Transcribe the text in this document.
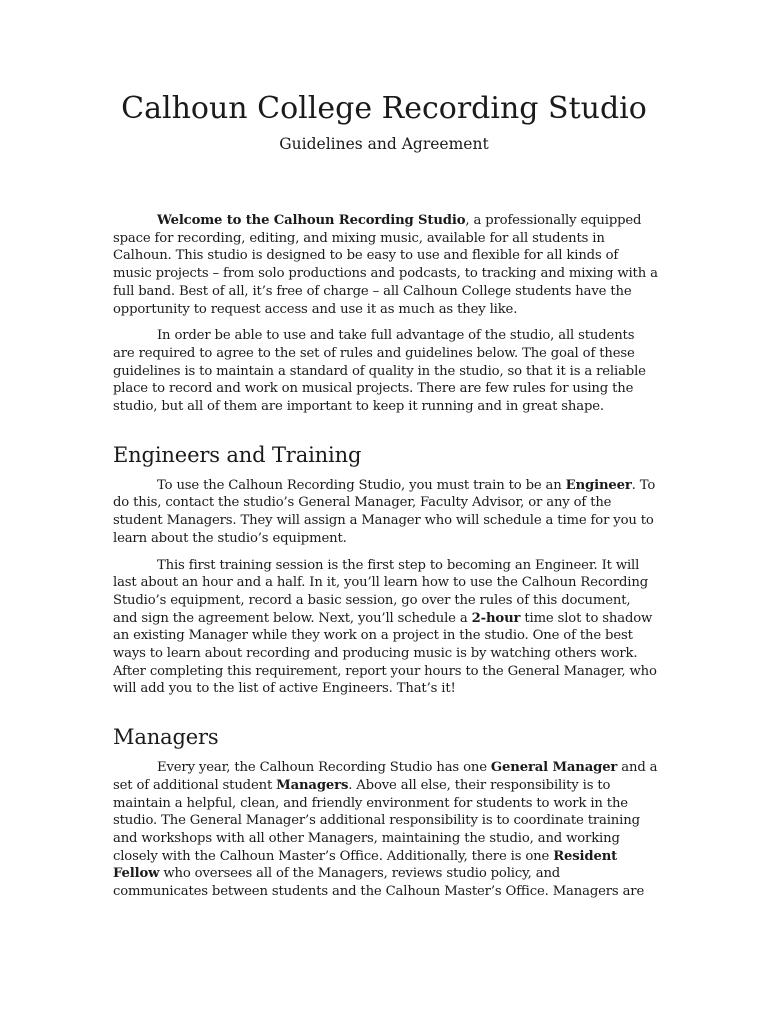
Calhoun College Recording Studio
Guidelines and Agreement

Welcome to the Calhoun Recording Studio, a professionally equipped space for recording, editing, and mixing music, available for all students in Calhoun. This studio is designed to be easy to use and flexible for all kinds of music projects – from solo productions and podcasts, to tracking and mixing with a full band. Best of all, it’s free of charge – all Calhoun College students have the opportunity to request access and use it as much as they like.

In order be able to use and take full advantage of the studio, all students are required to agree to the set of rules and guidelines below. The goal of these guidelines is to maintain a standard of quality in the studio, so that it is a reliable place to record and work on musical projects. There are few rules for using the studio, but all of them are important to keep it running and in great shape.

Engineers and Training

To use the Calhoun Recording Studio, you must train to be an Engineer. To do this, contact the studio’s General Manager, Faculty Advisor, or any of the student Managers. They will assign a Manager who will schedule a time for you to learn about the studio’s equipment.

This first training session is the first step to becoming an Engineer. It will last about an hour and a half. In it, you’ll learn how to use the Calhoun Recording Studio’s equipment, record a basic session, go over the rules of this document, and sign the agreement below. Next, you’ll schedule a 2-hour time slot to shadow an existing Manager while they work on a project in the studio. One of the best ways to learn about recording and producing music is by watching others work. After completing this requirement, report your hours to the General Manager, who will add you to the list of active Engineers. That’s it!

Managers

Every year, the Calhoun Recording Studio has one General Manager and a set of additional student Managers. Above all else, their responsibility is to maintain a helpful, clean, and friendly environment for students to work in the studio. The General Manager’s additional responsibility is to coordinate training and workshops with all other Managers, maintaining the studio, and working closely with the Calhoun Master’s Office. Additionally, there is one Resident Fellow who oversees all of the Managers, reviews studio policy, and communicates between students and the Calhoun Master’s Office. Managers are
